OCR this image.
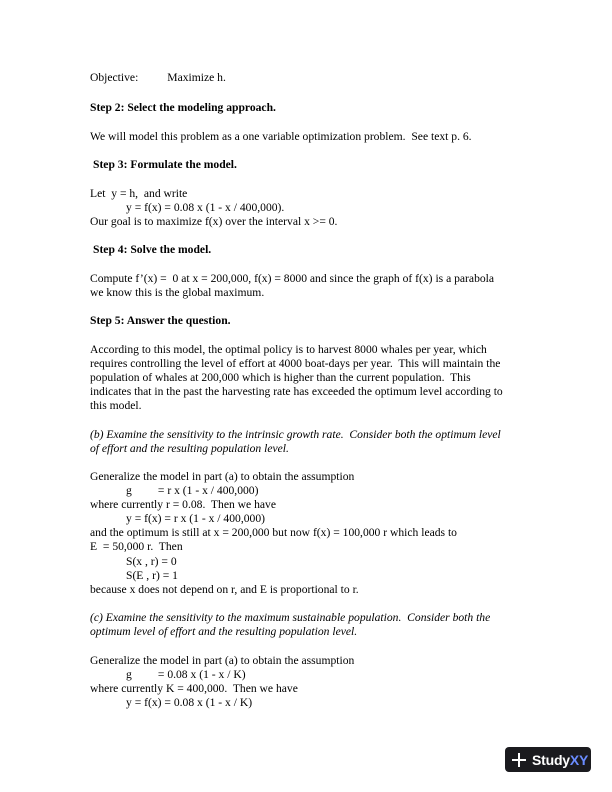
Objective:          Maximize h.
Step 2: Select the modeling approach.
We will model this problem as a one variable optimization problem.  See text p. 6.
Step 3: Formulate the model.
Let  y = h,  and write
y = f(x) = 0.08 x (1 - x / 400,000).
Our goal is to maximize f(x) over the interval x >= 0.
Step 4: Solve the model.
Compute f’(x) =  0 at x = 200,000, f(x) = 8000 and since the graph of f(x) is a parabola
we know this is the global maximum.
Step 5: Answer the question.
According to this model, the optimal policy is to harvest 8000 whales per year, which
requires controlling the level of effort at 4000 boat-days per year.  This will maintain the
population of whales at 200,000 which is higher than the current population.  This
indicates that in the past the harvesting rate has exceeded the optimum level according to
this model.
(b) Examine the sensitivity to the intrinsic growth rate.  Consider both the optimum level
of effort and the resulting population level.
Generalize the model in part (a) to obtain the assumption
g         = r x (1 - x / 400,000)
where currently r = 0.08.  Then we have
y = f(x) = r x (1 - x / 400,000)
and the optimum is still at x = 200,000 but now f(x) = 100,000 r which leads to
E  = 50,000 r.  Then
S(x , r) = 0
S(E , r) = 1
because x does not depend on r, and E is proportional to r.
(c) Examine the sensitivity to the maximum sustainable population.  Consider both the
optimum level of effort and the resulting population level.
Generalize the model in part (a) to obtain the assumption
g         = 0.08 x (1 - x / K)
where currently K = 400,000.  Then we have
y = f(x) = 0.08 x (1 - x / K)
StudyXY
